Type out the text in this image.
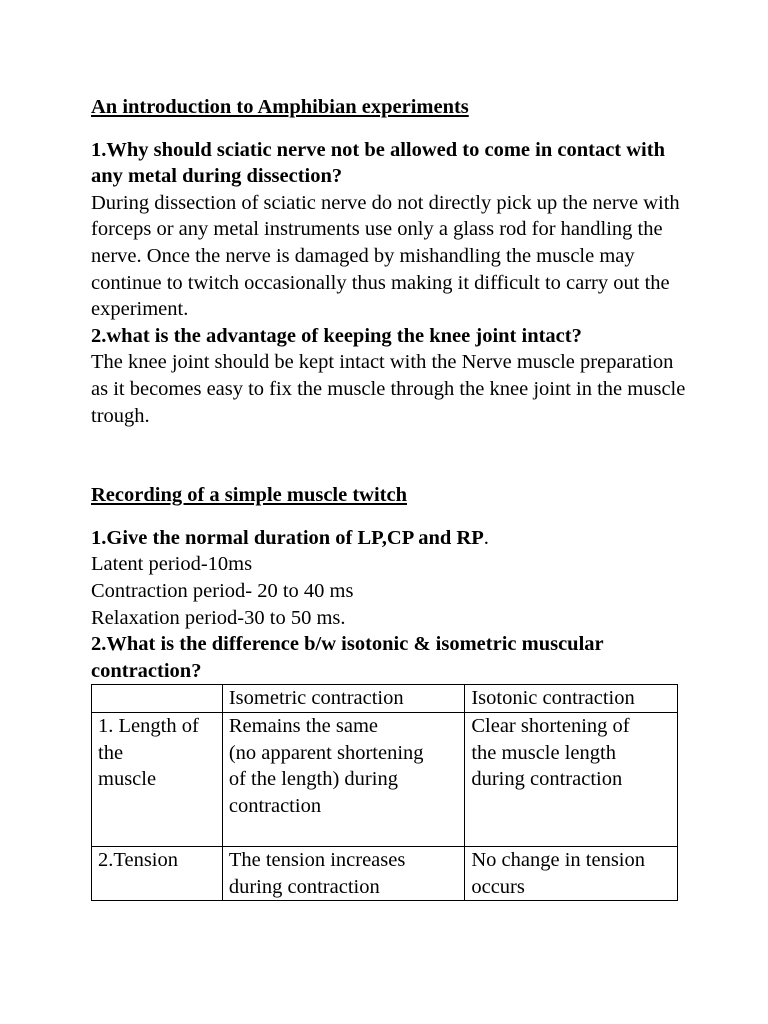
An introduction to Amphibian experiments

1.Why should sciatic nerve not be allowed to come in contact with any metal during dissection?

During dissection of sciatic nerve do not directly pick up the nerve with forceps or any metal instruments use only a glass rod for handling the nerve. Once the nerve is damaged by mishandling the muscle may continue to twitch occasionally thus making it difficult to carry out the experiment.

2.what is the advantage of keeping the knee joint intact?

The knee joint should be kept intact with the Nerve muscle preparation as it becomes easy to fix the muscle through the knee joint in the muscle trough.

Recording of a simple muscle twitch

1.Give the normal duration of LP,CP and RP.

Latent period-10ms

Contraction period- 20 to 40 ms

Relaxation period-30 to 50 ms.

2.What is the difference b/w isotonic & isometric muscular contraction?

	Isometric contraction	Isotonic contraction

1. Length of
the
muscle	Remains the same
(no apparent shortening
of the length) during
contraction	Clear shortening of
the muscle length
during contraction

2.Tension	The tension increases
during contraction	No change in tension
occurs
